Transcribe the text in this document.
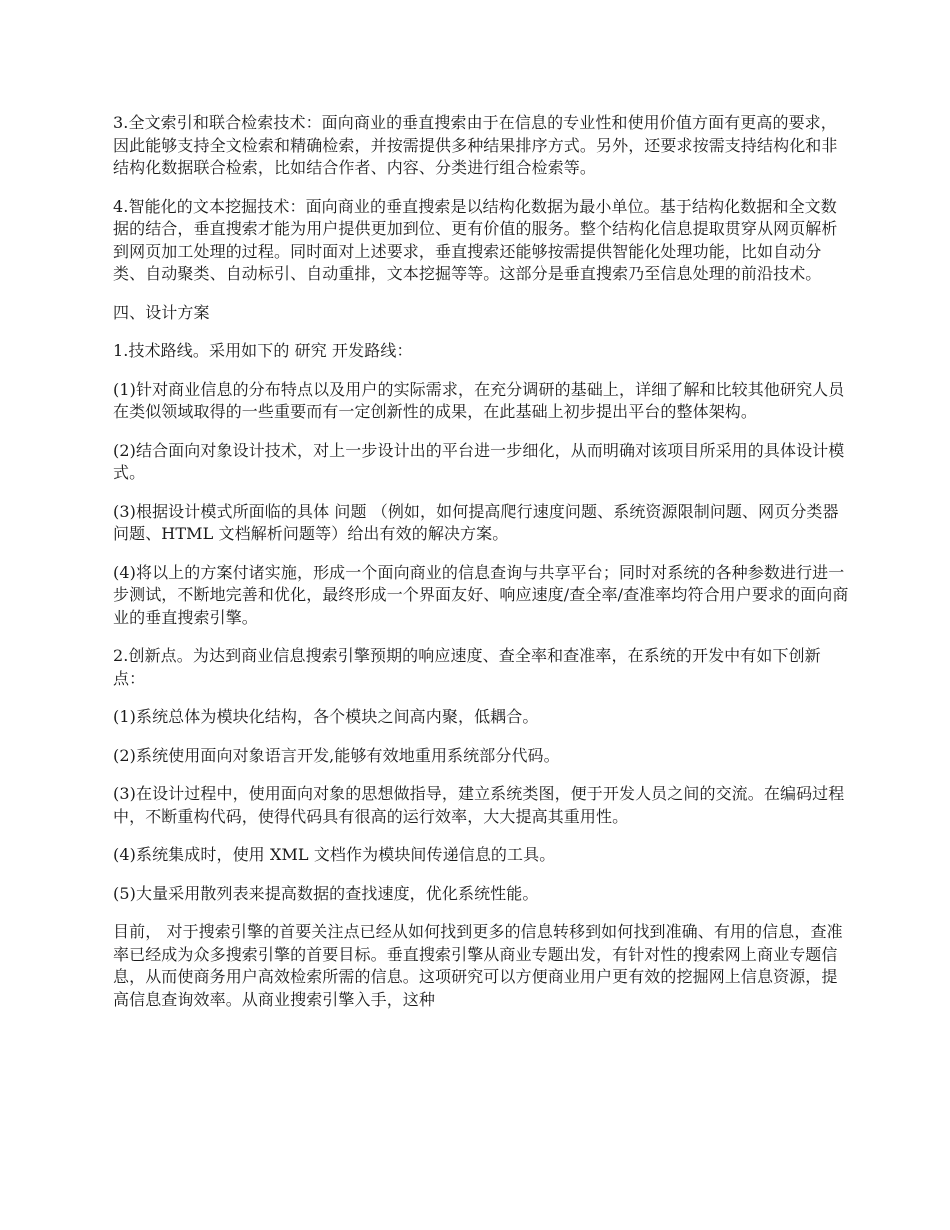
3.全文索引和联合检索技术：面向商业的垂直搜索由于在信息的专业性和使用价值方面有更高的要求，因此能够支持全文检索和精确检索，并按需提供多种结果排序方式。另外，还要求按需支持结构化和非结构化数据联合检索，比如结合作者、内容、分类进行组合检索等。

4.智能化的文本挖掘技术：面向商业的垂直搜索是以结构化数据为最小单位。基于结构化数据和全文数据的结合，垂直搜索才能为用户提供更加到位、更有价值的服务。整个结构化信息提取贯穿从网页解析到网页加工处理的过程。同时面对上述要求，垂直搜索还能够按需提供智能化处理功能，比如自动分类、自动聚类、自动标引、自动重排，文本挖掘等等。这部分是垂直搜索乃至信息处理的前沿技术。

四、设计方案

1.技术路线。采用如下的 研究 开发路线：

(1)针对商业信息的分布特点以及用户的实际需求，在充分调研的基础上，详细了解和比较其他研究人员在类似领域取得的一些重要而有一定创新性的成果，在此基础上初步提出平台的整体架构。

(2)结合面向对象设计技术，对上一步设计出的平台进一步细化，从而明确对该项目所采用的具体设计模式。

(3)根据设计模式所面临的具体 问题 （例如，如何提高爬行速度问题、系统资源限制问题、网页分类器问题、HTML 文档解析问题等）给出有效的解决方案。

(4)将以上的方案付诸实施，形成一个面向商业的信息查询与共享平台；同时对系统的各种参数进行进一步测试，不断地完善和优化，最终形成一个界面友好、响应速度/查全率/查准率均符合用户要求的面向商业的垂直搜索引擎。

2.创新点。为达到商业信息搜索引擎预期的响应速度、查全率和查准率，在系统的开发中有如下创新点：

(1)系统总体为模块化结构，各个模块之间高内聚，低耦合。

(2)系统使用面向对象语言开发,能够有效地重用系统部分代码。

(3)在设计过程中，使用面向对象的思想做指导，建立系统类图，便于开发人员之间的交流。在编码过程中，不断重构代码，使得代码具有很高的运行效率，大大提高其重用性。

(4)系统集成时，使用 XML 文档作为模块间传递信息的工具。

(5)大量采用散列表来提高数据的查找速度，优化系统性能。

目前， 对于搜索引擎的首要关注点已经从如何找到更多的信息转移到如何找到准确、有用的信息，查准率已经成为众多搜索引擎的首要目标。垂直搜索引擎从商业专题出发，有针对性的搜索网上商业专题信息，从而使商务用户高效检索所需的信息。这项研究可以方便商业用户更有效的挖掘网上信息资源，提高信息查询效率。从商业搜索引擎入手，这种
